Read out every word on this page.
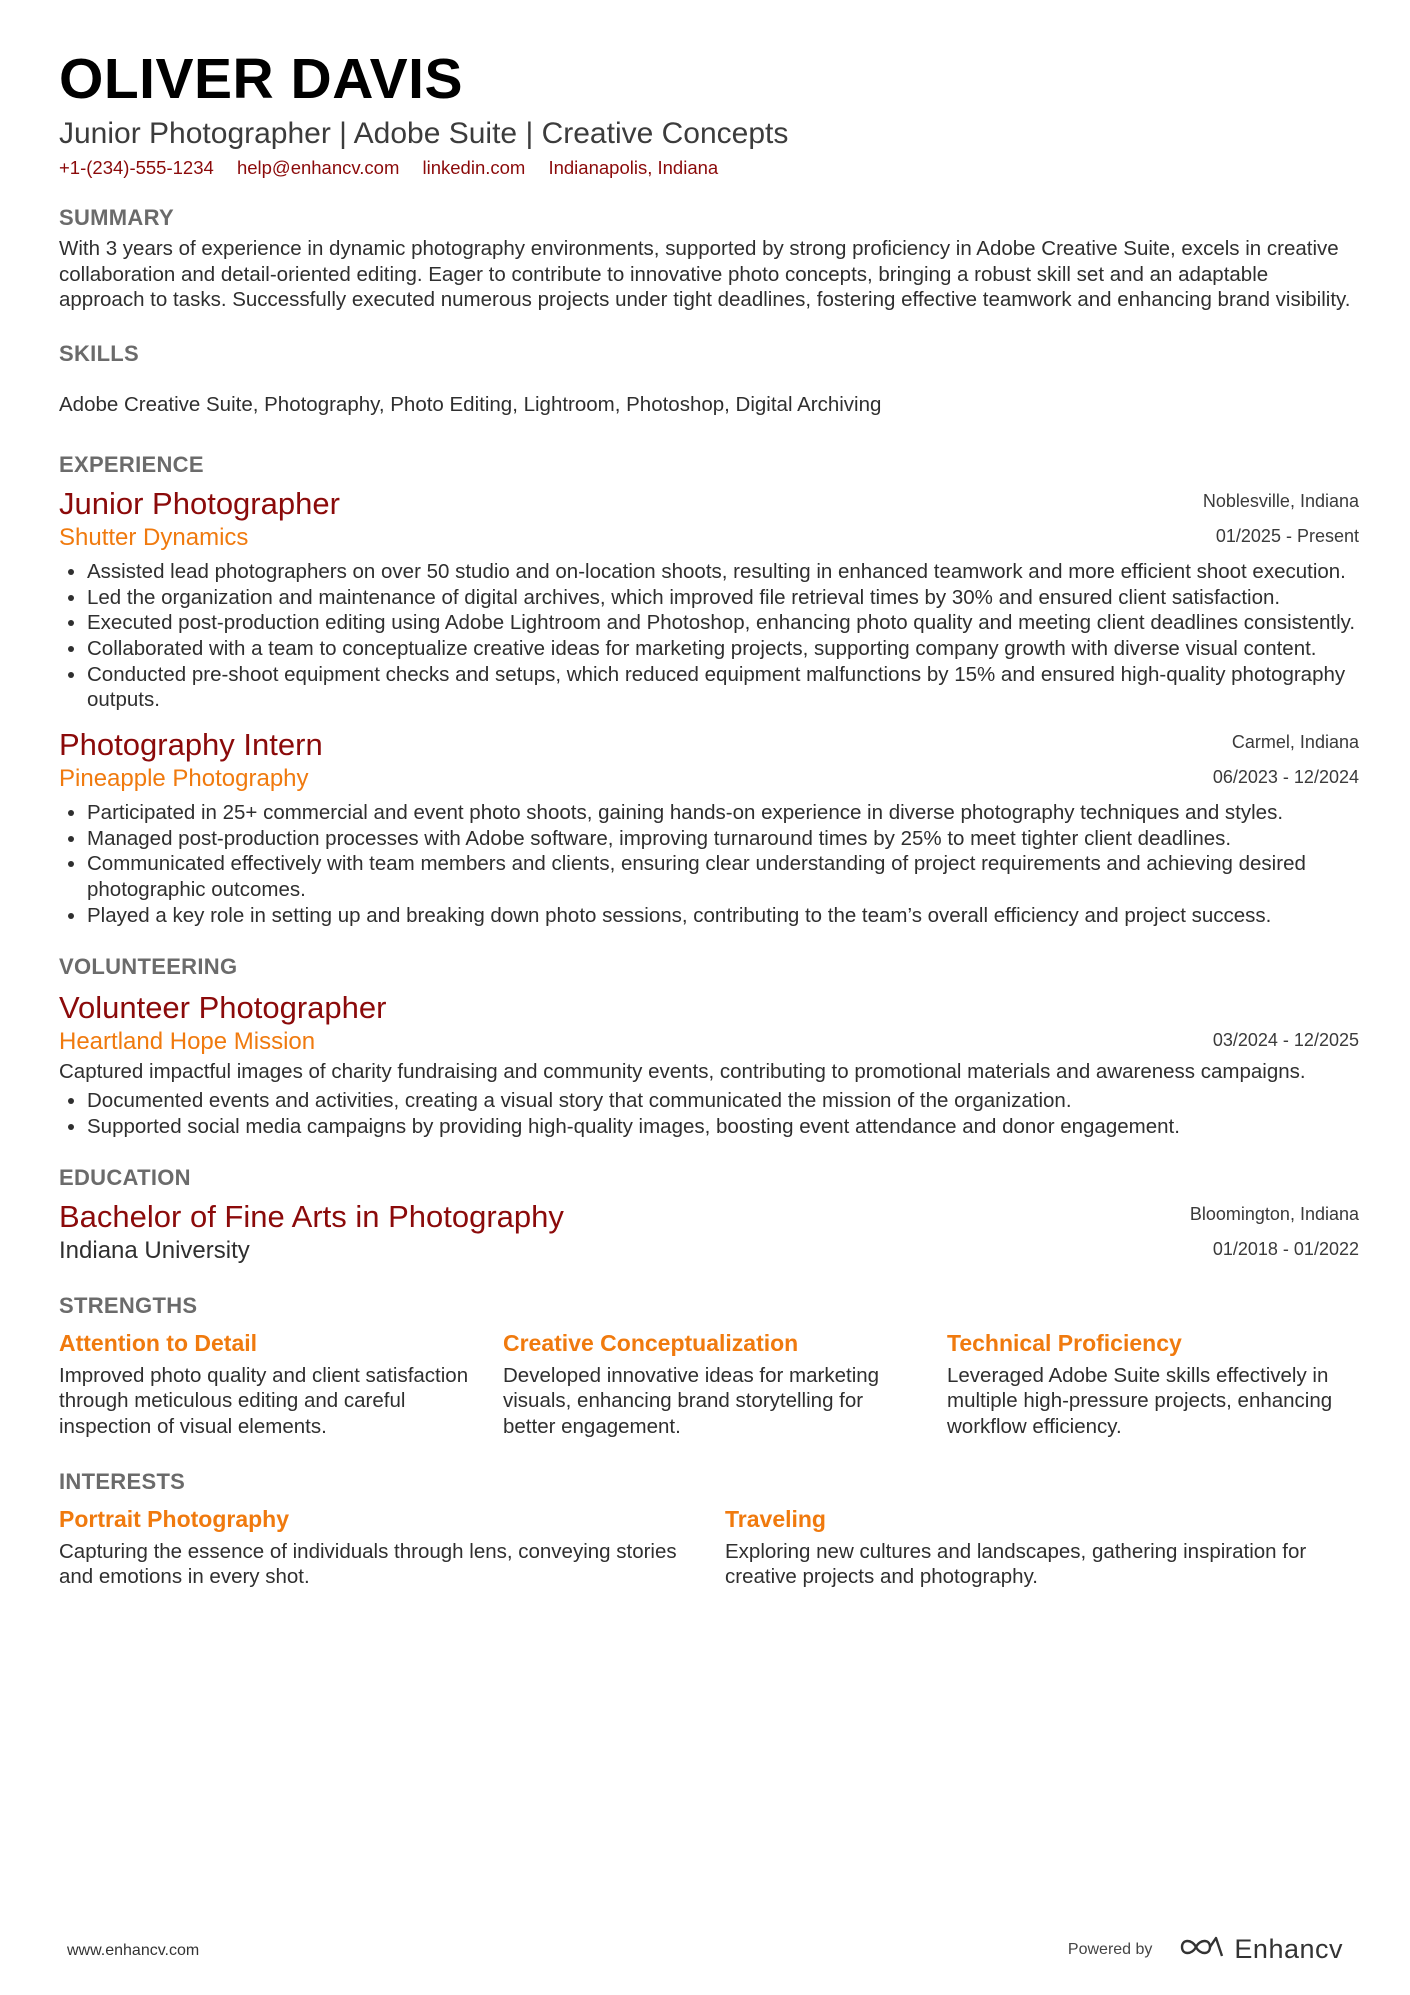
OLIVER DAVIS
Junior Photographer | Adobe Suite | Creative Concepts
+1-(234)-555-1234 help@enhancv.com linkedin.com Indianapolis, Indiana
SUMMARY

With 3 years of experience in dynamic photography environments, supported by strong proficiency in Adobe Creative Suite, excels in creative collaboration and detail-oriented editing. Eager to contribute to innovative photo concepts, bringing a robust skill set and an adaptable approach to tasks. Successfully executed numerous projects under tight deadlines, fostering effective teamwork and enhancing brand visibility.

SKILLS

Adobe Creative Suite, Photography, Photo Editing, Lightroom, Photoshop, Digital Archiving

EXPERIENCE
Noblesville, Indiana
01/2025 - Present
Junior Photographer
Shutter Dynamics
• Assisted lead photographers on over 50 studio and on-location shoots, resulting in enhanced teamwork and more efficient shoot execution.
• Led the organization and maintenance of digital archives, which improved file retrieval times by 30% and ensured client satisfaction.
• Executed post-production editing using Adobe Lightroom and Photoshop, enhancing photo quality and meeting client deadlines consistently.
• Collaborated with a team to conceptualize creative ideas for marketing projects, supporting company growth with diverse visual content.
• Conducted pre-shoot equipment checks and setups, which reduced equipment malfunctions by 15% and ensured high-quality photography outputs.
Carmel, Indiana
06/2023 - 12/2024
Photography Intern
Pineapple Photography
• Participated in 25+ commercial and event photo shoots, gaining hands-on experience in diverse photography techniques and styles.
• Managed post-production processes with Adobe software, improving turnaround times by 25% to meet tighter client deadlines.
• Communicated effectively with team members and clients, ensuring clear understanding of project requirements and achieving desired photographic outcomes.
• Played a key role in setting up and breaking down photo sessions, contributing to the team’s overall efficiency and project success.
VOLUNTEERING
03/2024 - 12/2025
Volunteer Photographer
Heartland Hope Mission

Captured impactful images of charity fundraising and community events, contributing to promotional materials and awareness campaigns.

• Documented events and activities, creating a visual story that communicated the mission of the organization.
• Supported social media campaigns by providing high-quality images, boosting event attendance and donor engagement.
EDUCATION
Bloomington, Indiana
01/2018 - 01/2022
Bachelor of Fine Arts in Photography
Indiana University
STRENGTHS
Attention to Detail
Improved photo quality and client satisfaction through meticulous editing and careful inspection of visual elements.
Creative Conceptualization
Developed innovative ideas for marketing visuals, enhancing brand storytelling for better engagement.
Technical Proficiency
Leveraged Adobe Suite skills effectively in multiple high-pressure projects, enhancing workflow efficiency.
INTERESTS
Portrait Photography
Capturing the essence of individuals through lens, conveying stories and emotions in every shot.
Traveling
Exploring new cultures and landscapes, gathering inspiration for creative projects and photography.
www.enhancv.com	Powered by	Enhancv
